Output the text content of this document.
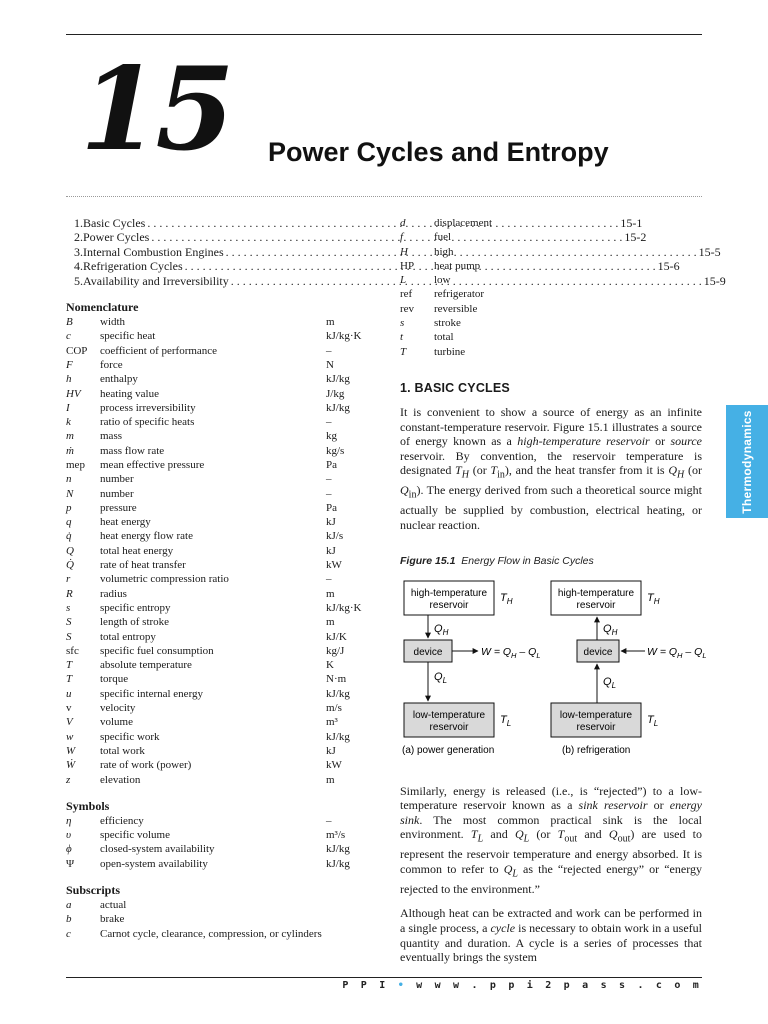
15 Power Cycles and Entropy
1. Basic Cycles . . .	15-1
2. Power Cycles . . .	15-2
3. Internal Combustion Engines . . .	15-5
4. Refrigeration Cycles . . .	15-6
5. Availability and Irreversibility . . .	15-9
Nomenclature
B	width	m
c	specific heat	kJ/kg·K
COP	coefficient of performance	–
F	force	N
h	enthalpy	kJ/kg
HV	heating value	J/kg
I	process irreversibility	kJ/kg
k	ratio of specific heats	–
m	mass	kg
ṁ	mass flow rate	kg/s
mep	mean effective pressure	Pa
n	number	–
N	number	–
p	pressure	Pa
q	heat energy	kJ
q̇	heat energy flow rate	kJ/s
Q	total heat energy	kJ
Q̇	rate of heat transfer	kW
r	volumetric compression ratio	–
R	radius	m
s	specific entropy	kJ/kg·K
S	length of stroke	m
S	total entropy	kJ/K
sfc	specific fuel consumption	kg/J
T	absolute temperature	K
T	torque	N·m
u	specific internal energy	kJ/kg
v	velocity	m/s
V	volume	m³
w	specific work	kJ/kg
W	total work	kJ
Ẇ	rate of work (power)	kW
z	elevation	m
Symbols
η	efficiency	–
υ	specific volume	m³/s
ϕ	closed-system availability	kJ/kg
Ψ	open-system availability	kJ/kg
Subscripts
a	actual
b	brake
c	Carnot cycle, clearance, compression, or cylinders
d	displacement
f	fuel
H	high
HP	heat pump
L	low
ref	refrigerator
rev	reversible
s	stroke
t	total
T	turbine
1. BASIC CYCLES

It is convenient to show a source of energy as an infinite constant-temperature reservoir. Figure 15.1 illustrates a source of energy known as a high-temperature reservoir or source reservoir. By convention, the reservoir temperature is designated $T_H$ (or $T_{in}$), and the heat transfer from it is $Q_H$ (or $Q_{in}$). The energy derived from such a theoretical source might actually be supplied by combustion, electrical heating, or nuclear reaction.

Figure 15.1 Energy Flow in Basic Cycles
high-temperature
reservoir
$T_H$
$Q_H$
device	$W = Q_H - Q_L$
$Q_L$
low-temperature
reservoir
$T_L$
(a) power generation
high-temperature
reservoir
$T_H$
$Q_H$
device	$W = Q_H - Q_L$
$Q_L$
low-temperature
reservoir
$T_L$
(b) refrigeration

Similarly, energy is released (i.e., is “rejected”) to a low-temperature reservoir known as a sink reservoir or energy sink. The most common practical sink is the local environment. $T_L$ and $Q_L$ (or $T_{out}$ and $Q_{out}$) are used to represent the reservoir temperature and energy absorbed. It is common to refer to $Q_L$ as the “rejected energy” or “energy rejected to the environment.”

Although heat can be extracted and work can be performed in a single process, a cycle is necessary to obtain work in a useful quantity and duration. A cycle is a series of processes that eventually brings the system

Thermodynamics
P P I • w w w . p p i 2 p a s s . c o m
